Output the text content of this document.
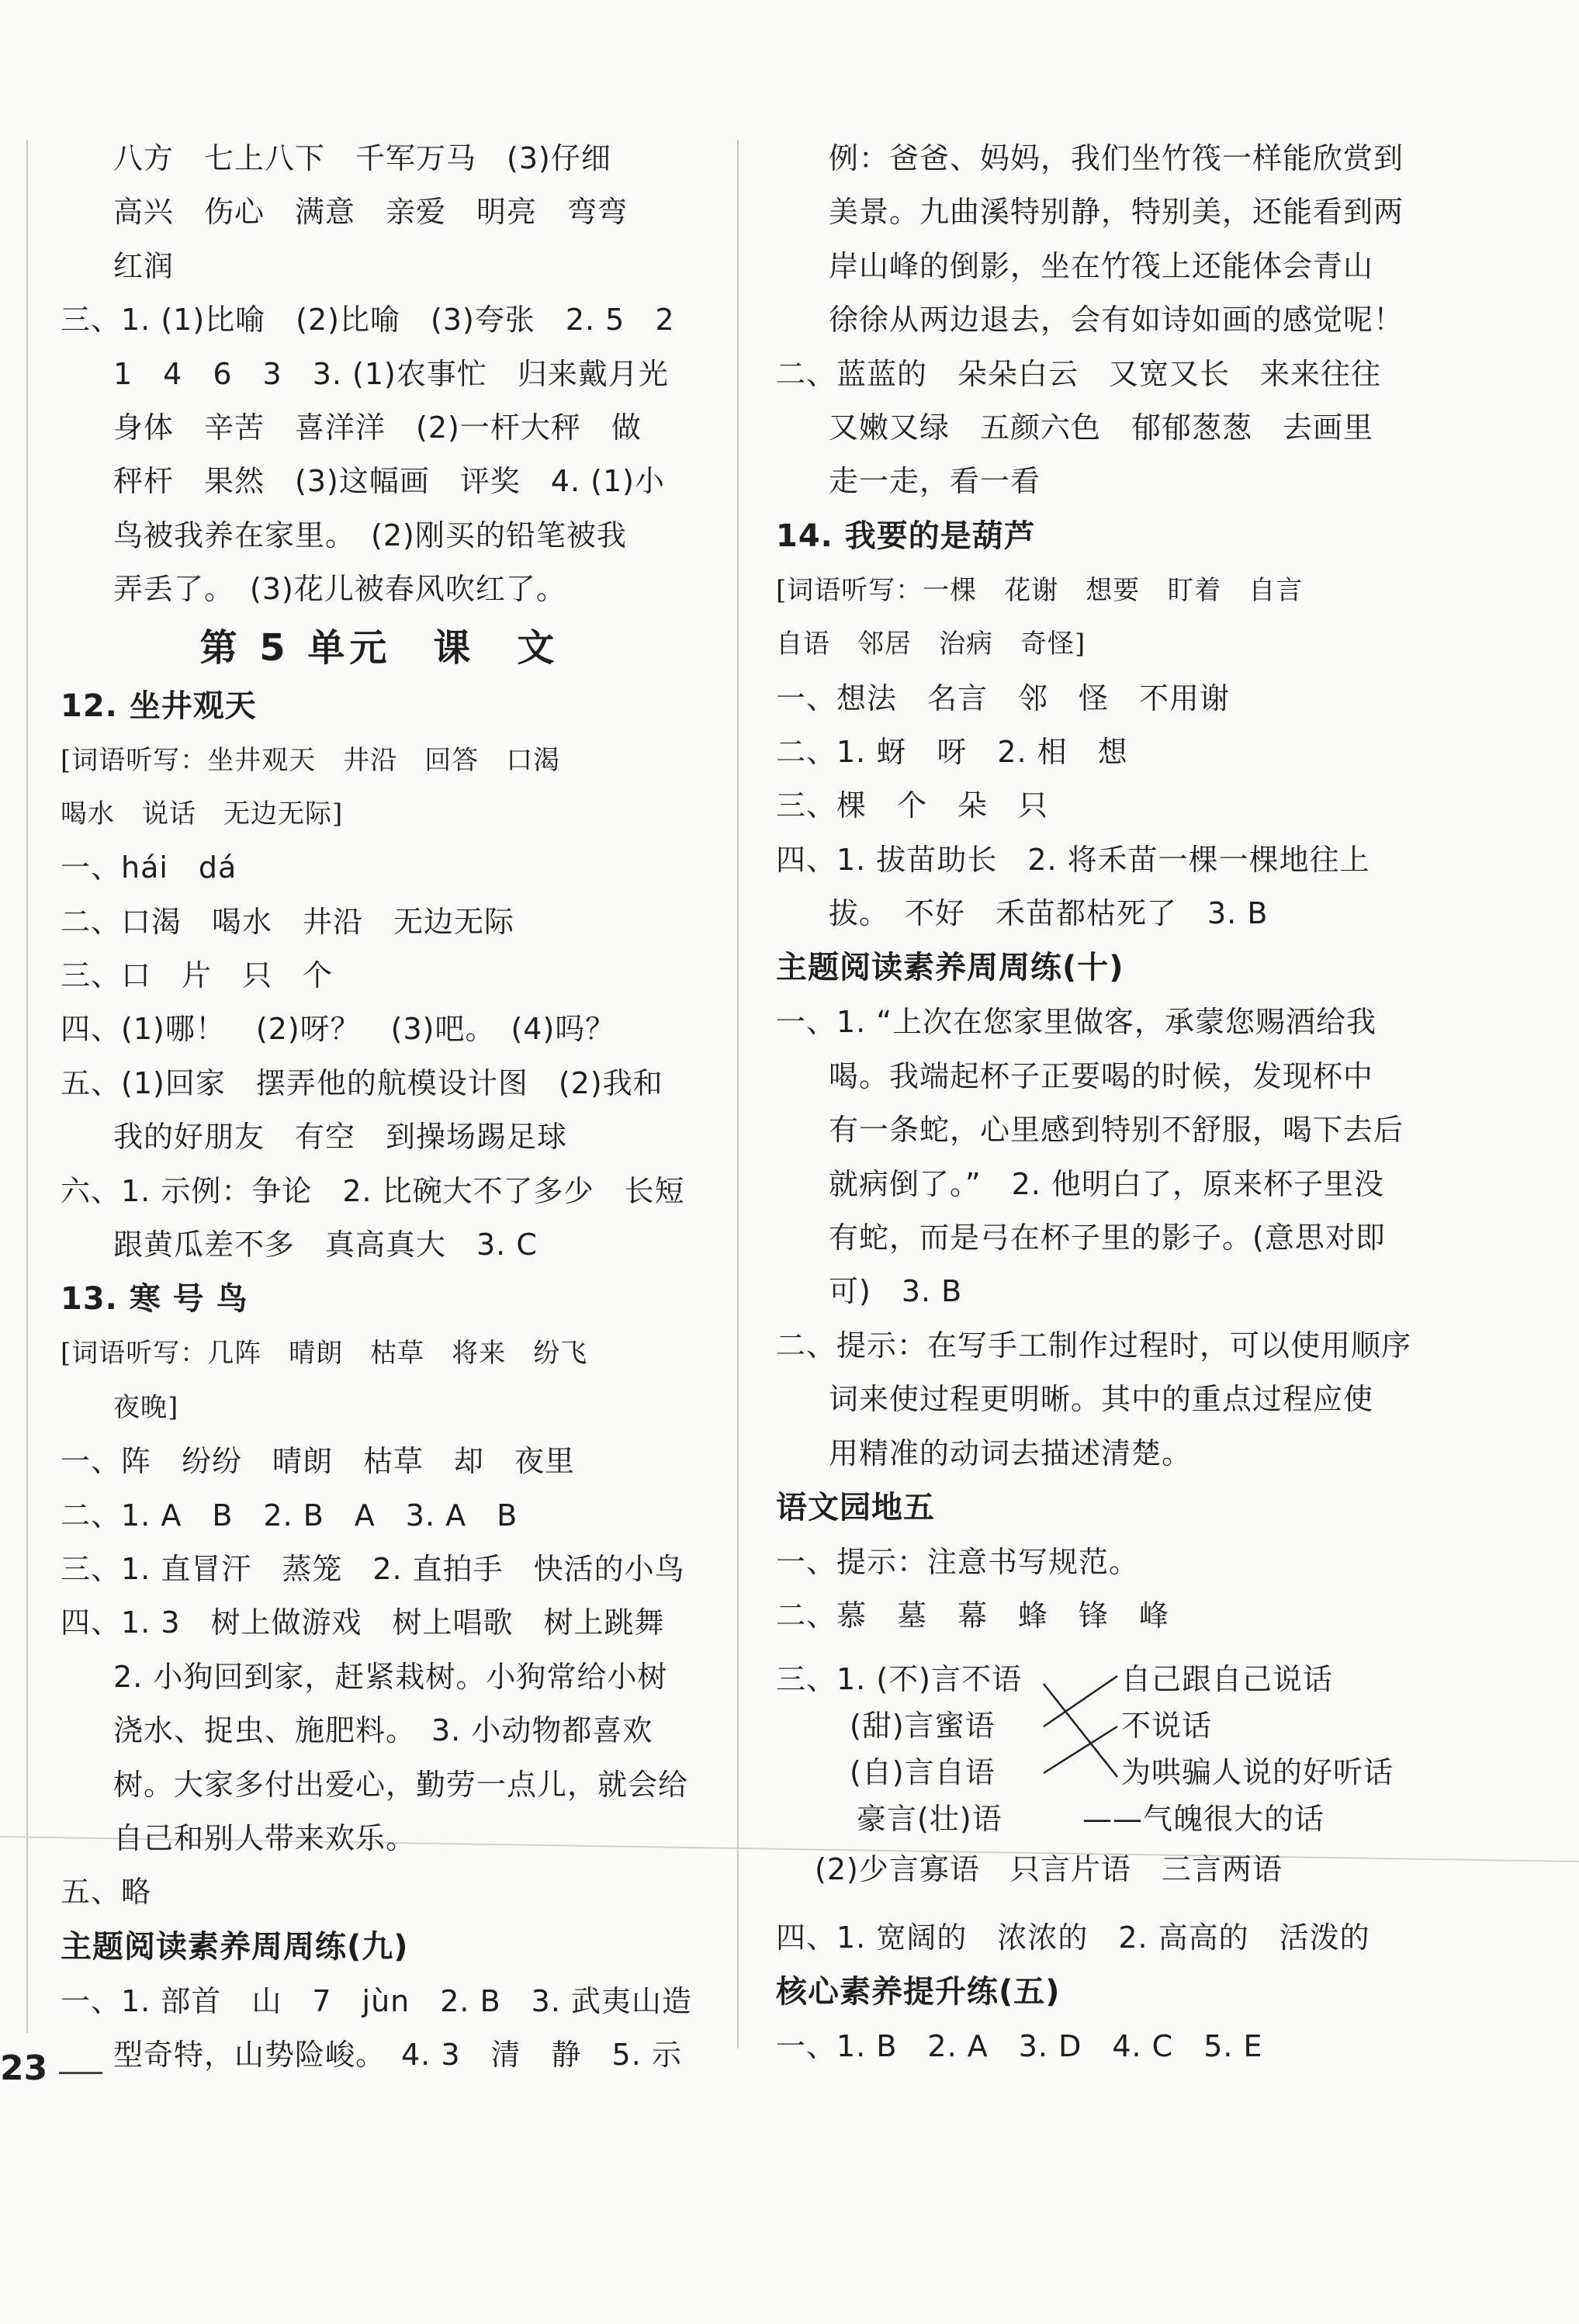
八方　七上八下　千军万马　(3)仔细
高兴　伤心　满意　亲爱　明亮　弯弯
红润
三、1. (1)比喻　(2)比喻　(3)夸张　2. 5　2
1　4　6　3　3. (1)农事忙　归来戴月光
身体　辛苦　喜洋洋　(2)一杆大秤　做
秤杆　果然　(3)这幅画　评奖　4. (1)小
鸟被我养在家里。　(2)刚买的铅笔被我
弄丢了。　(3)花儿被春风吹红了。
第 5 单元　课　文
12. 坐井观天
[词语听写：坐井观天　井沿　回答　口渴
喝水　说话　无边无际]
一、hái　dá
二、口渴　喝水　井沿　无边无际
三、口　片　只　个
四、(1)哪！　(2)呀？　(3)吧。　(4)吗？
五、(1)回家　摆弄他的航模设计图　(2)我和
我的好朋友　有空　到操场踢足球
六、1. 示例：争论　2. 比碗大不了多少　长短
跟黄瓜差不多　真高真大　3. C
13. 寒 号 鸟
[词语听写：几阵　晴朗　枯草　将来　纷飞
夜晚]
一、阵　纷纷　晴朗　枯草　却　夜里
二、1. A　B　2. B　A　3. A　B
三、1. 直冒汗　蒸笼　2. 直拍手　快活的小鸟
四、1. 3　树上做游戏　树上唱歌　树上跳舞
2. 小狗回到家，赶紧栽树。小狗常给小树
浇水、捉虫、施肥料。　3. 小动物都喜欢
树。大家多付出爱心，勤劳一点儿，就会给
自己和别人带来欢乐。
五、略
主题阅读素养周周练(九)
一、1. 部首　山　7　jùn　2. B　3. 武夷山造
型奇特，山势险峻。　4. 3　清　静　5. 示
例：爸爸、妈妈，我们坐竹筏一样能欣赏到
美景。九曲溪特别静，特别美，还能看到两
岸山峰的倒影，坐在竹筏上还能体会青山
徐徐从两边退去，会有如诗如画的感觉呢！
二、蓝蓝的　朵朵白云　又宽又长　来来往往
又嫩又绿　五颜六色　郁郁葱葱　去画里
走一走，看一看
14. 我要的是葫芦
[词语听写：一棵　花谢　想要　盯着　自言
自语　邻居　治病　奇怪]
一、想法　名言　邻　怪　不用谢
二、1. 蚜　呀　2. 相　想
三、棵　个　朵　只
四、1. 拔苗助长　2. 将禾苗一棵一棵地往上
拔。　不好　禾苗都枯死了　3. B
主题阅读素养周周练(十)
一、1. “上次在您家里做客，承蒙您赐酒给我
喝。我端起杯子正要喝的时候，发现杯中
有一条蛇，心里感到特别不舒服，喝下去后
就病倒了。”　2. 他明白了，原来杯子里没
有蛇，而是弓在杯子里的影子。(意思对即
可)　3. B
二、提示：在写手工制作过程时，可以使用顺序
词来使过程更明晰。其中的重点过程应使
用精准的动词去描述清楚。
语文园地五
一、提示：注意书写规范。
二、慕　墓　幕　蜂　锋　峰
三、1. (不)言不语
(甜)言蜜语
(自)言自语
豪言(壮)语
自己跟自己说话
不说话
为哄骗人说的好听话
——气魄很大的话
(2)少言寡语　只言片语　三言两语
四、1. 宽阔的　浓浓的　2. 高高的　活泼的
核心素养提升练(五)
一、1. B　2. A　3. D　4. C　5. E
23
